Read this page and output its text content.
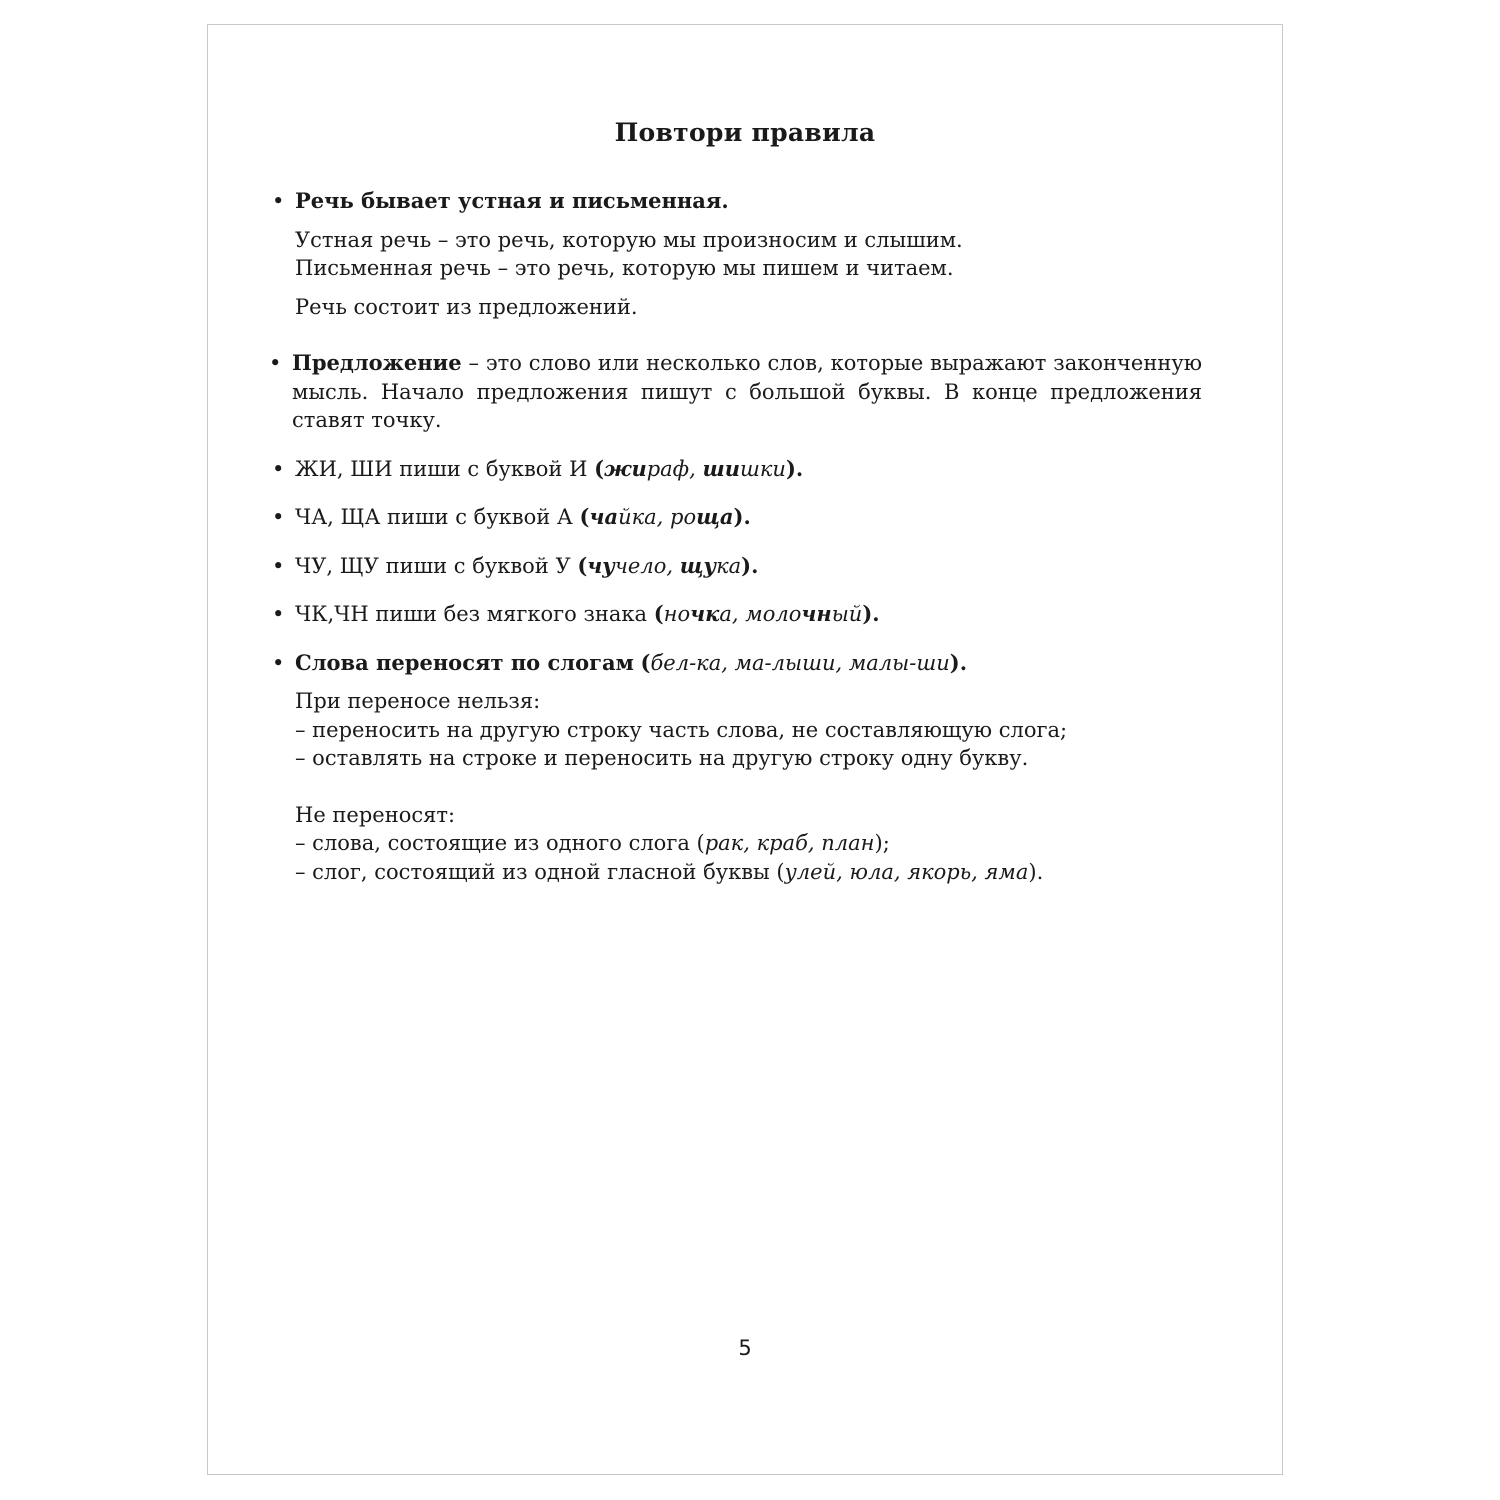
Повтори правила
• Речь бывает устная и письменная.

Устная речь – это речь, которую мы произносим и слышим.

Письменная речь – это речь, которую мы пишем и читаем.

Речь состоит из предложений.

• Предложение – это слово или несколько слов, которые выражают законченную мысль. Начало предложения пишут с большой буквы. В конце предложения ставят точку.

• ЖИ, ШИ пиши с буквой И (жираф, шишки).

• ЧА, ЩА пиши с буквой А (чайка, роща).

• ЧУ, ЩУ пиши с буквой У (чучело, щука).

• ЧК,ЧН пиши без мягкого знака (ночка, молочный).

• Слова переносят по слогам (бел-ка, ма-лыши, малы-ши).

При переносе нельзя:

– переносить на другую строку часть слова, не составляющую слога;

– оставлять на строке и переносить на другую строку одну букву.

Не переносят:

– слова, состоящие из одного слога (рак, краб, план);

– слог, состоящий из одной гласной буквы (улей, юла, якорь, яма).

5
